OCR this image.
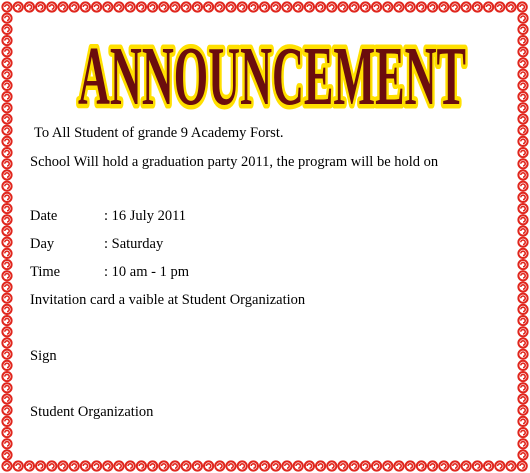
ANNOUNCEMENT
ANNOUNCEMENT
To All Student of grande 9 Academy Forst.
School Will hold a graduation party 2011, the program will be hold on
Date	: 16 July 2011
Day	: Saturday
Time	: 10 am - 1 pm
Invitation card a vaible at Student Organization
Sign
Student Organization
